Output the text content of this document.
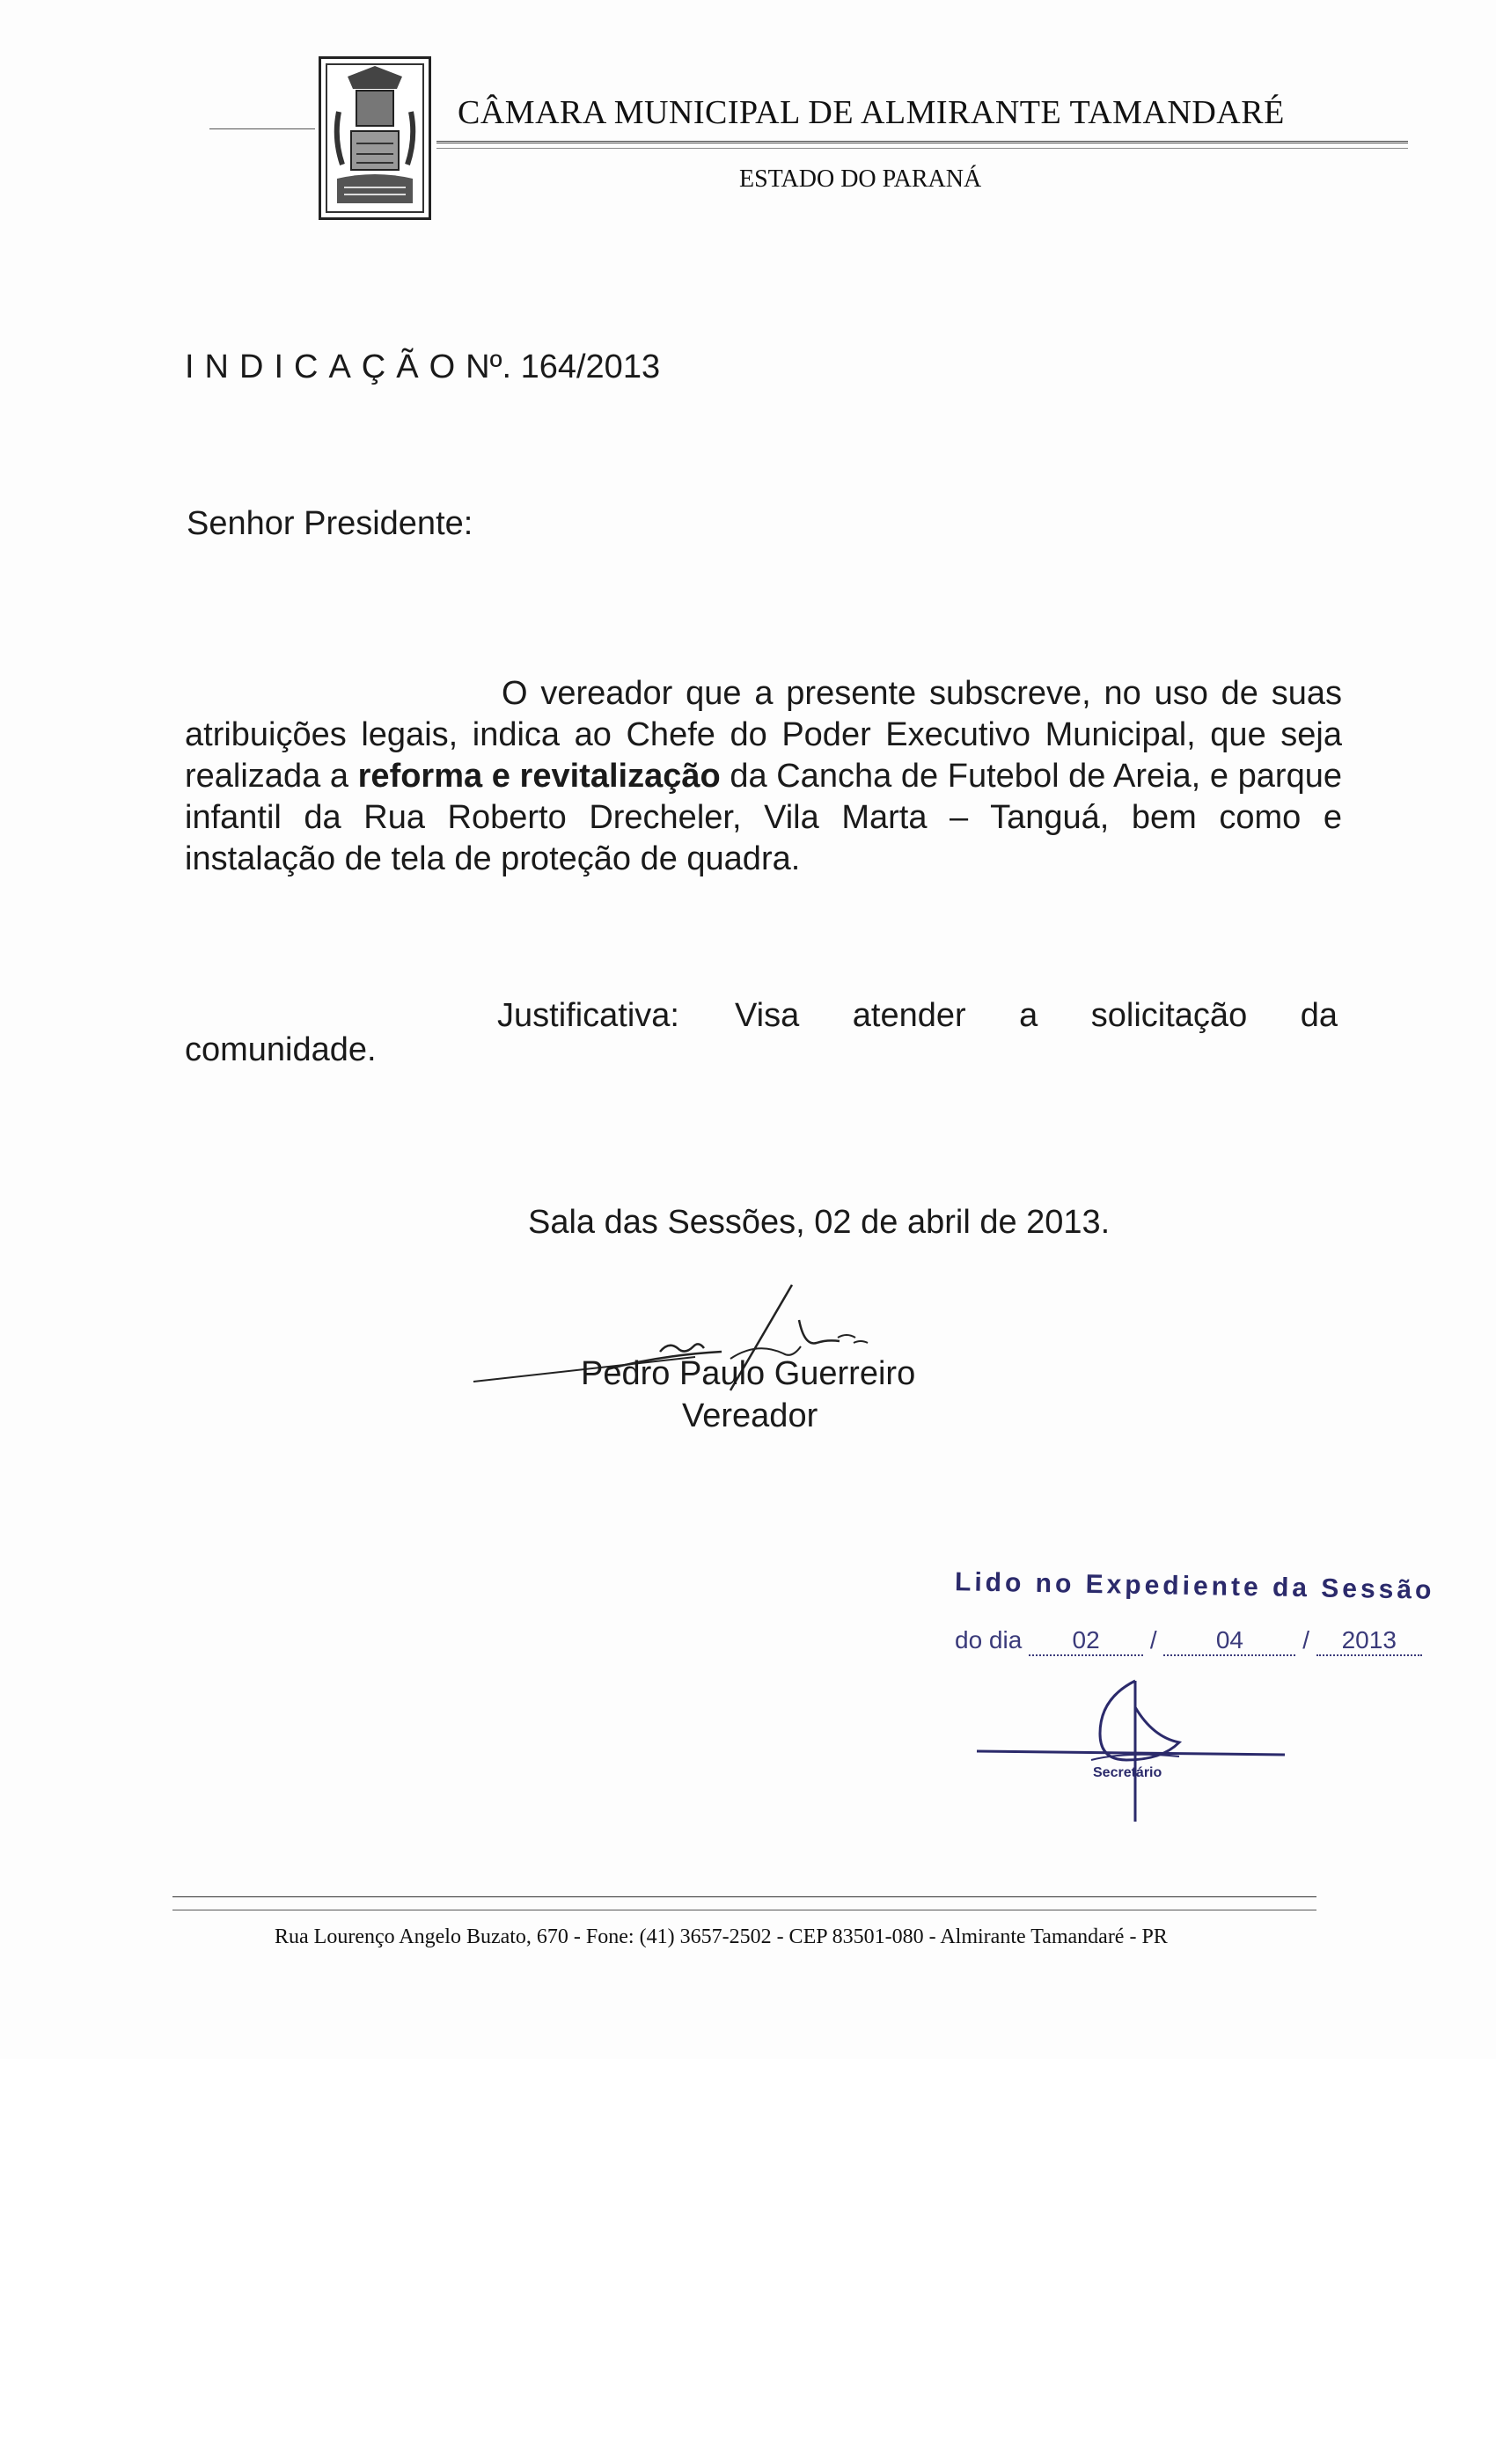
CÂMARA MUNICIPAL DE ALMIRANTE TAMANDARÉ
ESTADO DO PARANÁ
INDICAÇÃONº. 164/2013
Senhor Presidente:
O vereador que a presente subscreve, no uso de suas atribuições legais, indica ao Chefe do Poder Executivo Municipal, que seja realizada a reforma e revitalização da Cancha de Futebol de Areia, e parque infantil da Rua Roberto Drecheler, Vila Marta – Tanguá, bem como e instalação de tela de proteção de quadra.
Justificativa: Visa atender a solicitação da
comunidade.
Sala das Sessões, 02 de abril de 2013.
Pedro Paulo Guerreiro
Vereador
Lido no Expediente da Sessão
do dia 02 / 04 / 2013
Secretário
Rua Lourenço Angelo Buzato, 670 - Fone: (41) 3657-2502 - CEP 83501-080 - Almirante Tamandaré - PR
